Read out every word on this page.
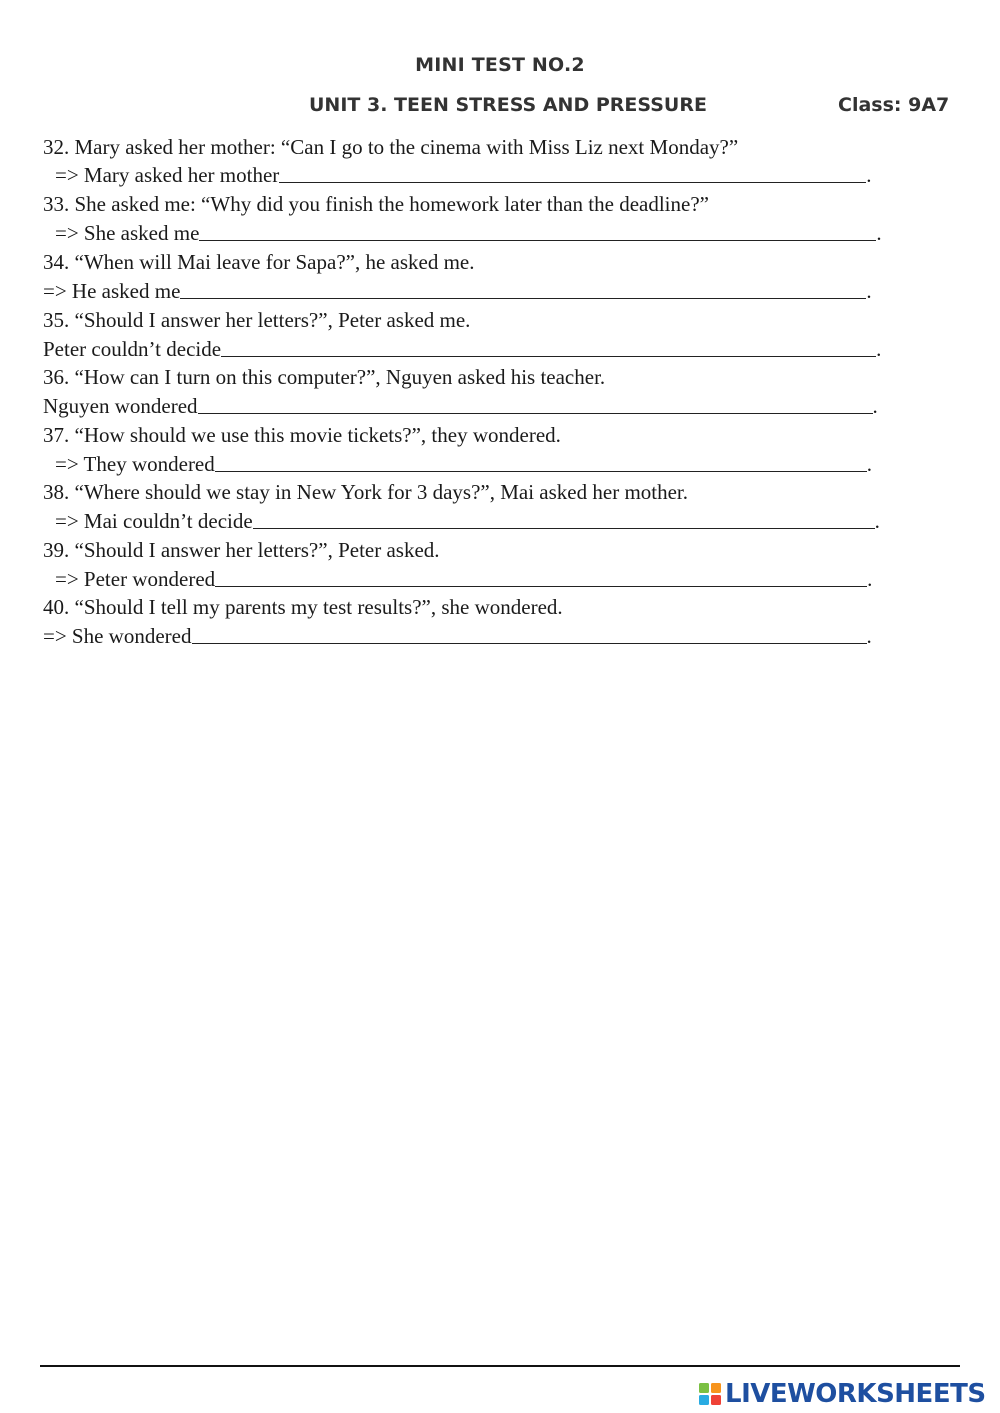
MINI TEST NO.2
UNIT 3. TEEN STRESS AND PRESSURE	Class: 9A7
32. Mary asked her mother: “Can I go to the cinema with Miss Liz next Monday?”
=> Mary asked her mother	.
33. She asked me: “Why did you finish the homework later than the deadline?”
=> She asked me	.
34. “When will Mai leave for Sapa?”, he asked me.
=> He asked me	.
35. “Should I answer her letters?”, Peter asked me.
Peter couldn’t decide	.
36. “How can I turn on this computer?”, Nguyen asked his teacher.
Nguyen wondered	.
37. “How should we use this movie tickets?”, they wondered.
=> They wondered	.
38. “Where should we stay in New York for 3 days?”, Mai asked her mother.
=> Mai couldn’t decide	.
39. “Should I answer her letters?”, Peter asked.
=> Peter wondered	.
40. “Should I tell my parents my test results?”, she wondered.
=> She wondered	.
LIVEWORKSHEETS
